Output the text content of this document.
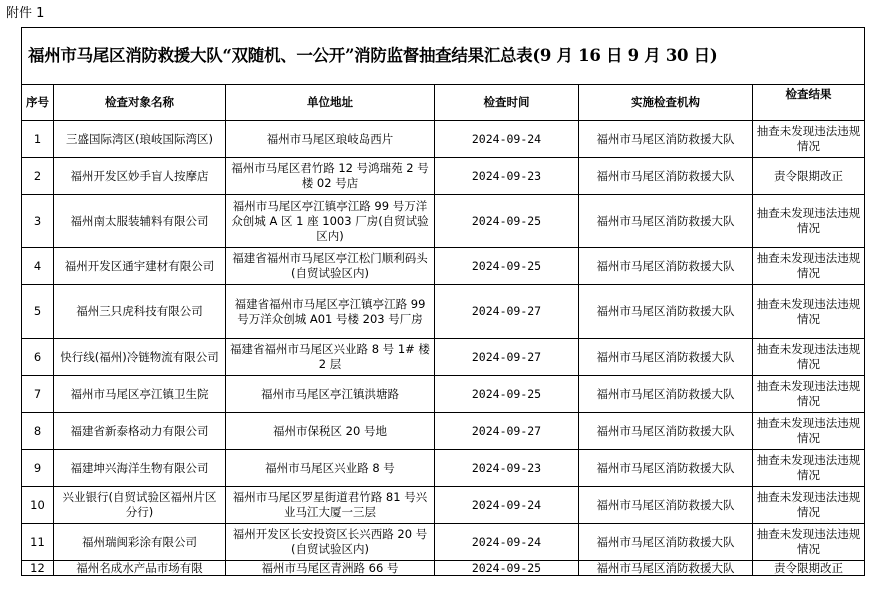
附件 1
福州市马尾区消防救援大队“双随机、一公开”消防监督抽查结果汇总表(9 月 16 日 9 月 30 日)					
序号	检查对象名称	单位地址	检查时间	实施检查机构	检查结果
1	三盛国际湾区(琅岐国际湾区)	福州市马尾区琅岐岛西片	2024-09-24	福州市马尾区消防救援大队	抽查未发现违法违规情况
2	福州开发区妙手盲人按摩店	福州市马尾区君竹路 12 号鸿瑞苑 2 号楼 02 号店	2024-09-23	福州市马尾区消防救援大队	责令限期改正
3	福州南太服装辅料有限公司	福州市马尾区亭江镇亭江路 99 号万洋众创城 A 区 1 座 1003 厂房(自贸试验区内)	2024-09-25	福州市马尾区消防救援大队	抽查未发现违法违规情况
4	福州开发区通宇建材有限公司	福建省福州市马尾区亭江松门顺利码头(自贸试验区内)	2024-09-25	福州市马尾区消防救援大队	抽查未发现违法违规情况
5	福州三只虎科技有限公司	福建省福州市马尾区亭江镇亭江路 99 号万洋众创城 A01 号楼 203 号厂房	2024-09-27	福州市马尾区消防救援大队	抽查未发现违法违规情况
6	快行线(福州)冷链物流有限公司	福建省福州市马尾区兴业路 8 号 1# 楼 2 层	2024-09-27	福州市马尾区消防救援大队	抽查未发现违法违规情况
7	福州市马尾区亭江镇卫生院	福州市马尾区亭江镇洪塘路	2024-09-25	福州市马尾区消防救援大队	抽查未发现违法违规情况
8	福建省新泰格动力有限公司	福州市保税区 20 号地	2024-09-27	福州市马尾区消防救援大队	抽查未发现违法违规情况
9	福建坤兴海洋生物有限公司	福州市马尾区兴业路 8 号	2024-09-23	福州市马尾区消防救援大队	抽查未发现违法违规情况
10	兴业银行(自贸试验区福州片区分行)	福州市马尾区罗星街道君竹路 81 号兴业马江大厦一三层	2024-09-24	福州市马尾区消防救援大队	抽查未发现违法违规情况
11	福州瑞闽彩涂有限公司	福州开发区长安投资区长兴西路 20 号(自贸试验区内)	2024-09-24	福州市马尾区消防救援大队	抽查未发现违法违规情况
12	福州名成水产品市场有限	福州市马尾区青洲路 66 号	2024-09-25	福州市马尾区消防救援大队	责令限期改正
